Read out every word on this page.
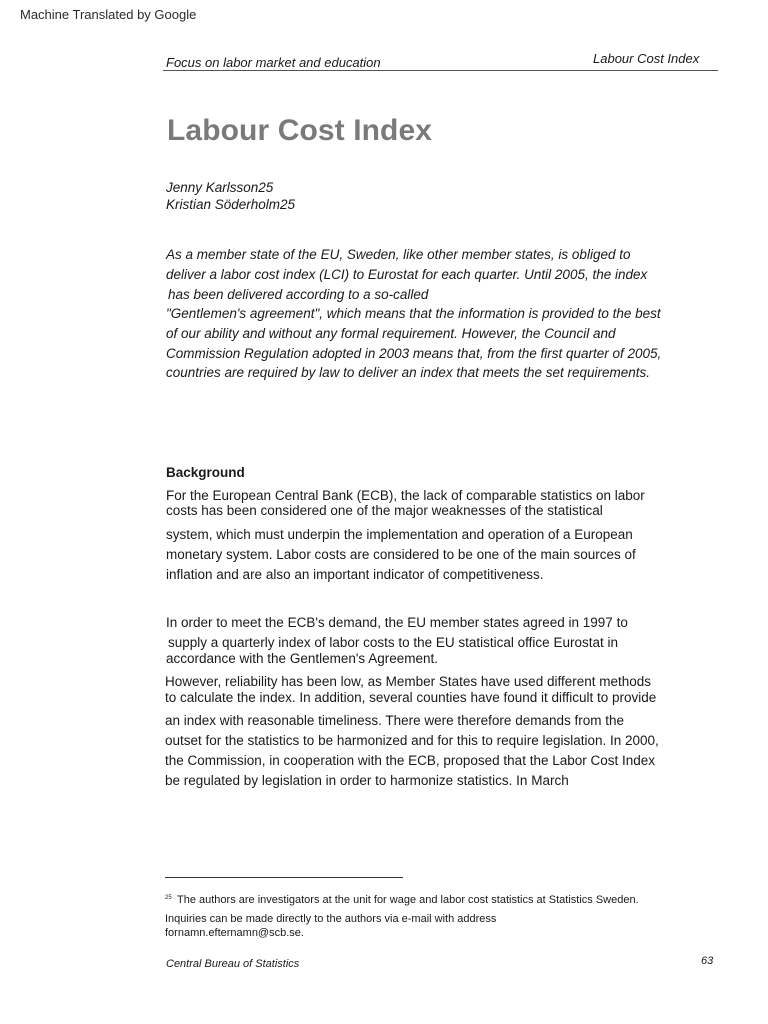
Machine Translated by Google
Focus on labor market and education	Labour Cost Index
Labour Cost Index
Jenny Karlsson25
Kristian Söderholm25
As a member state of the EU, Sweden, like other member states, is obliged to
deliver a labor cost index (LCI) to Eurostat for each quarter. Until 2005, the index
has been delivered according to a so-called
"Gentlemen's agreement", which means that the information is provided to the best
of our ability and without any formal requirement. However, the Council and
Commission Regulation adopted in 2003 means that, from the first quarter of 2005,
countries are required by law to deliver an index that meets the set requirements.
Background
For the European Central Bank (ECB), the lack of comparable statistics on labor
costs has been considered one of the major weaknesses of the statistical
system, which must underpin the implementation and operation of a European
monetary system. Labor costs are considered to be one of the main sources of
inflation and are also an important indicator of competitiveness.
In order to meet the ECB's demand, the EU member states agreed in 1997 to
supply a quarterly index of labor costs to the EU statistical office Eurostat in
accordance with the Gentlemen's Agreement.
However, reliability has been low, as Member States have used different methods
to calculate the index. In addition, several counties have found it difficult to provide
an index with reasonable timeliness. There were therefore demands from the
outset for the statistics to be harmonized and for this to require legislation. In 2000,
the Commission, in cooperation with the ECB, proposed that the Labor Cost Index
be regulated by legislation in order to harmonize statistics. In March
25 The authors are investigators at the unit for wage and labor cost statistics at Statistics Sweden.
Inquiries can be made directly to the authors via e-mail with address
fornamn.efternamn@scb.se.
Central Bureau of Statistics	63
